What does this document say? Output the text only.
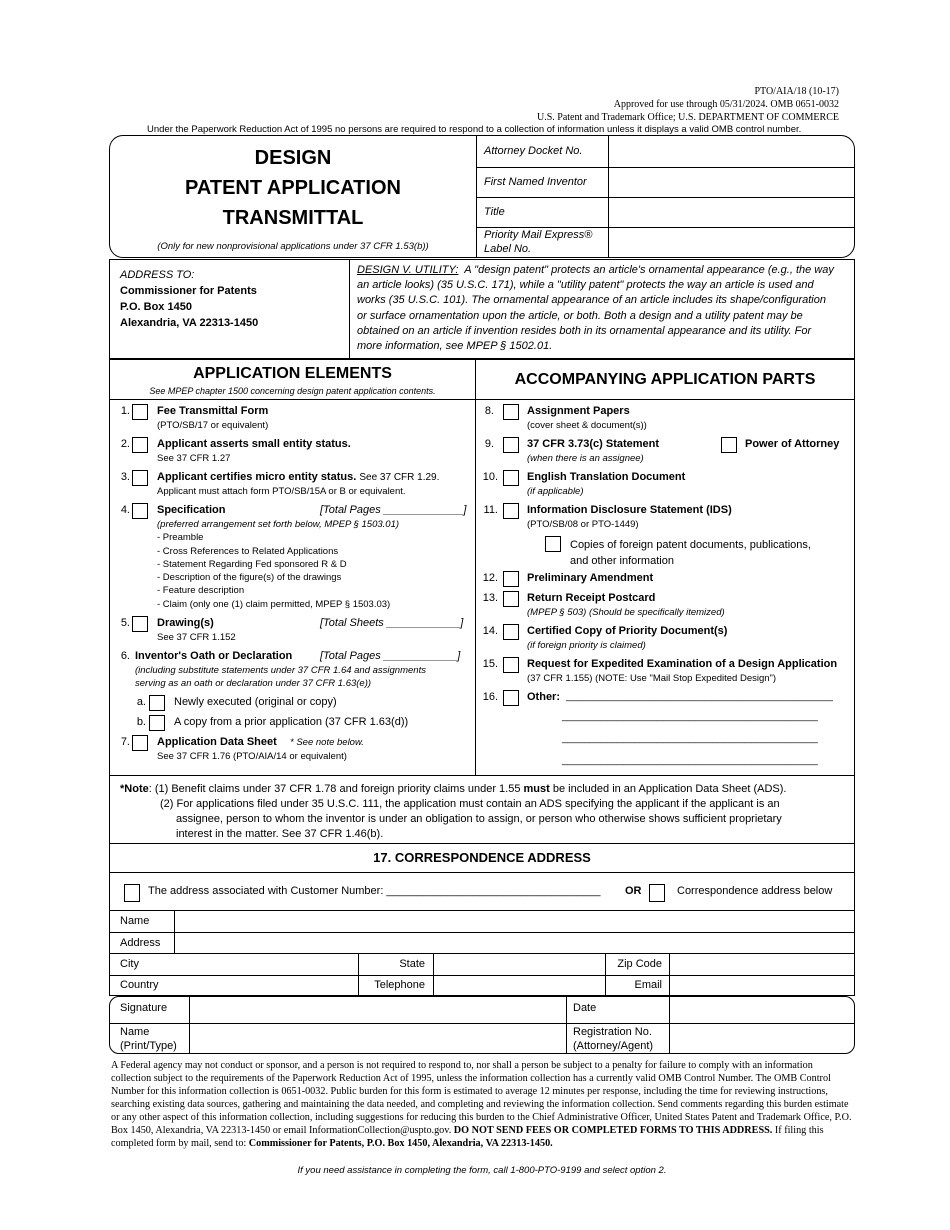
PTO/AIA/18 (10-17)
Approved for use through 05/31/2024. OMB 0651-0032
U.S. Patent and Trademark Office; U.S. DEPARTMENT OF COMMERCE
Under the Paperwork Reduction Act of 1995 no persons are required to respond to a collection of information unless it displays a valid OMB control number.
DESIGN
PATENT APPLICATION
TRANSMITTAL
(Only for new nonprovisional applications under 37 CFR 1.53(b))
Attorney Docket No.
First Named Inventor
Title
Priority Mail Express®
Label No.
ADDRESS TO:
Commissioner for Patents
P.O. Box 1450
Alexandria, VA 22313-1450
DESIGN V. UTILITY: A "design patent" protects an article's ornamental appearance (e.g., the way an article looks) (35 U.S.C. 171), while a "utility patent" protects the way an article is used and works (35 U.S.C. 101). The ornamental appearance of an article includes its shape/configuration or surface ornamentation upon the article, or both. Both a design and a utility patent may be obtained on an article if invention resides both in its ornamental appearance and its utility. For more information, see MPEP § 1502.01.
APPLICATION ELEMENTS
See MPEP chapter 1500 concerning design patent application contents.
ACCOMPANYING APPLICATION PARTS
1. Fee Transmittal Form
(PTO/SB/17 or equivalent)
2. Applicant asserts small entity status.
See 37 CFR 1.27
3. Applicant certifies micro entity status. See 37 CFR 1.29.
Applicant must attach form PTO/SB/15A or B or equivalent.
4. Specification	[Total Pages _____________]
(preferred arrangement set forth below, MPEP § 1503.01)
- Preamble
- Cross References to Related Applications
- Statement Regarding Fed sponsored R & D
- Description of the figure(s) of the drawings
- Feature description
- Claim (only one (1) claim permitted, MPEP § 1503.03)
5. Drawing(s)	[Total Sheets ____________]
See 37 CFR 1.152
6. Inventor's Oath or Declaration	[Total Pages ____________]
(including substitute statements under 37 CFR 1.64 and assignments
serving as an oath or declaration under 37 CFR 1.63(e))
a.	Newly executed (original or copy)
b.	A copy from a prior application (37 CFR 1.63(d))
7. Application Data Sheet * See note below.
See 37 CFR 1.76 (PTO/AIA/14 or equivalent)
8.	Assignment Papers
(cover sheet & document(s))
9.	37 CFR 3.73(c) Statement
(when there is an assignee)
Power of Attorney
10.	English Translation Document
(if applicable)
11.	Information Disclosure Statement (IDS)
(PTO/SB/08 or PTO-1449)
Copies of foreign patent documents, publications,
and other information
12.	Preliminary Amendment
13.	Return Receipt Postcard
(MPEP § 503) (Should be specifically itemized)
14.	Certified Copy of Priority Document(s)
(if foreign priority is claimed)
15.	Request for Expedited Examination of a Design Application
(37 CFR 1.155) (NOTE: Use "Mail Stop Expedited Design")
16.	Other: ________________________________________________
______________________________________________
______________________________________________
______________________________________________
*Note: (1) Benefit claims under 37 CFR 1.78 and foreign priority claims under 1.55 must be included in an Application Data Sheet (ADS).
(2) For applications filed under 35 U.S.C. 111, the application must contain an ADS specifying the applicant if the applicant is an
assignee, person to whom the inventor is under an obligation to assign, or person who otherwise shows sufficient proprietary
interest in the matter. See 37 CFR 1.46(b).
17. CORRESPONDENCE ADDRESS
The address associated with Customer Number: ___________________________________ OR	Correspondence address below
Name
Address
City	State	Zip Code
Country	Telephone	Email
Signature	Date
Name
(Print/Type)
Registration No.
(Attorney/Agent)
A Federal agency may not conduct or sponsor, and a person is not required to respond to, nor shall a person be subject to a penalty for failure to comply with an information collection subject to the requirements of the Paperwork Reduction Act of 1995, unless the information collection has a currently valid OMB Control Number. The OMB Control Number for this information collection is 0651-0032. Public burden for this form is estimated to average 12 minutes per response, including the time for reviewing instructions, searching existing data sources, gathering and maintaining the data needed, and completing and reviewing the information collection. Send comments regarding this burden estimate or any other aspect of this information collection, including suggestions for reducing this burden to the Chief Administrative Officer, United States Patent and Trademark Office, P.O. Box 1450, Alexandria, VA 22313-1450 or email InformationCollection@uspto.gov. DO NOT SEND FEES OR COMPLETED FORMS TO THIS ADDRESS. If filing this completed form by mail, send to: Commissioner for Patents, P.O. Box 1450, Alexandria, VA 22313-1450.
If you need assistance in completing the form, call 1-800-PTO-9199 and select option 2.
